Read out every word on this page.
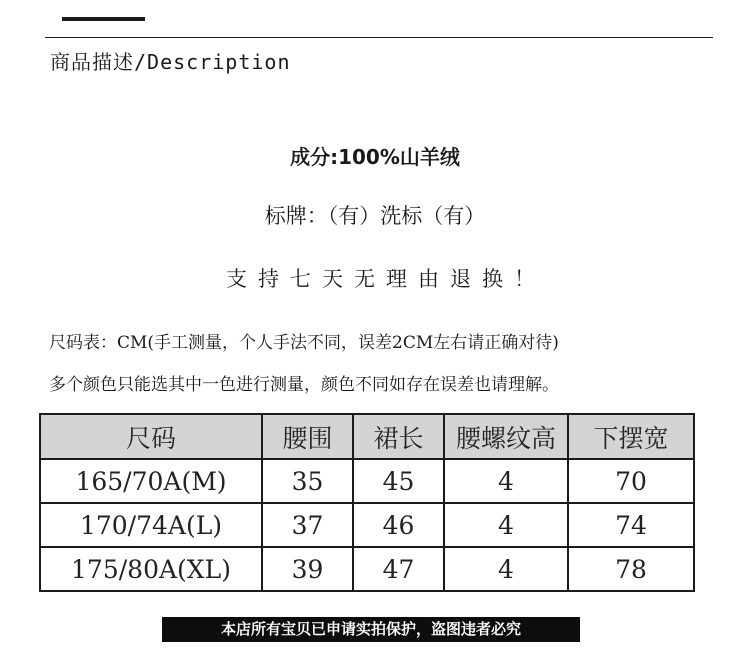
商品描述/Description
成分:100%山羊绒
标牌：（有）洗标（有）
支持七天无理由退换！
尺码表：CM(手工测量，个人手法不同，误差2CM左右请正确对待)
多个颜色只能选其中一色进行测量，颜色不同如存在误差也请理解。
尺码	腰围	裙长	腰螺纹高	下摆宽
165/70A(M)	35	45	4	70
170/74A(L)	37	46	4	74
175/80A(XL)	39	47	4	78
本店所有宝贝已申请实拍保护，盗图违者必究
